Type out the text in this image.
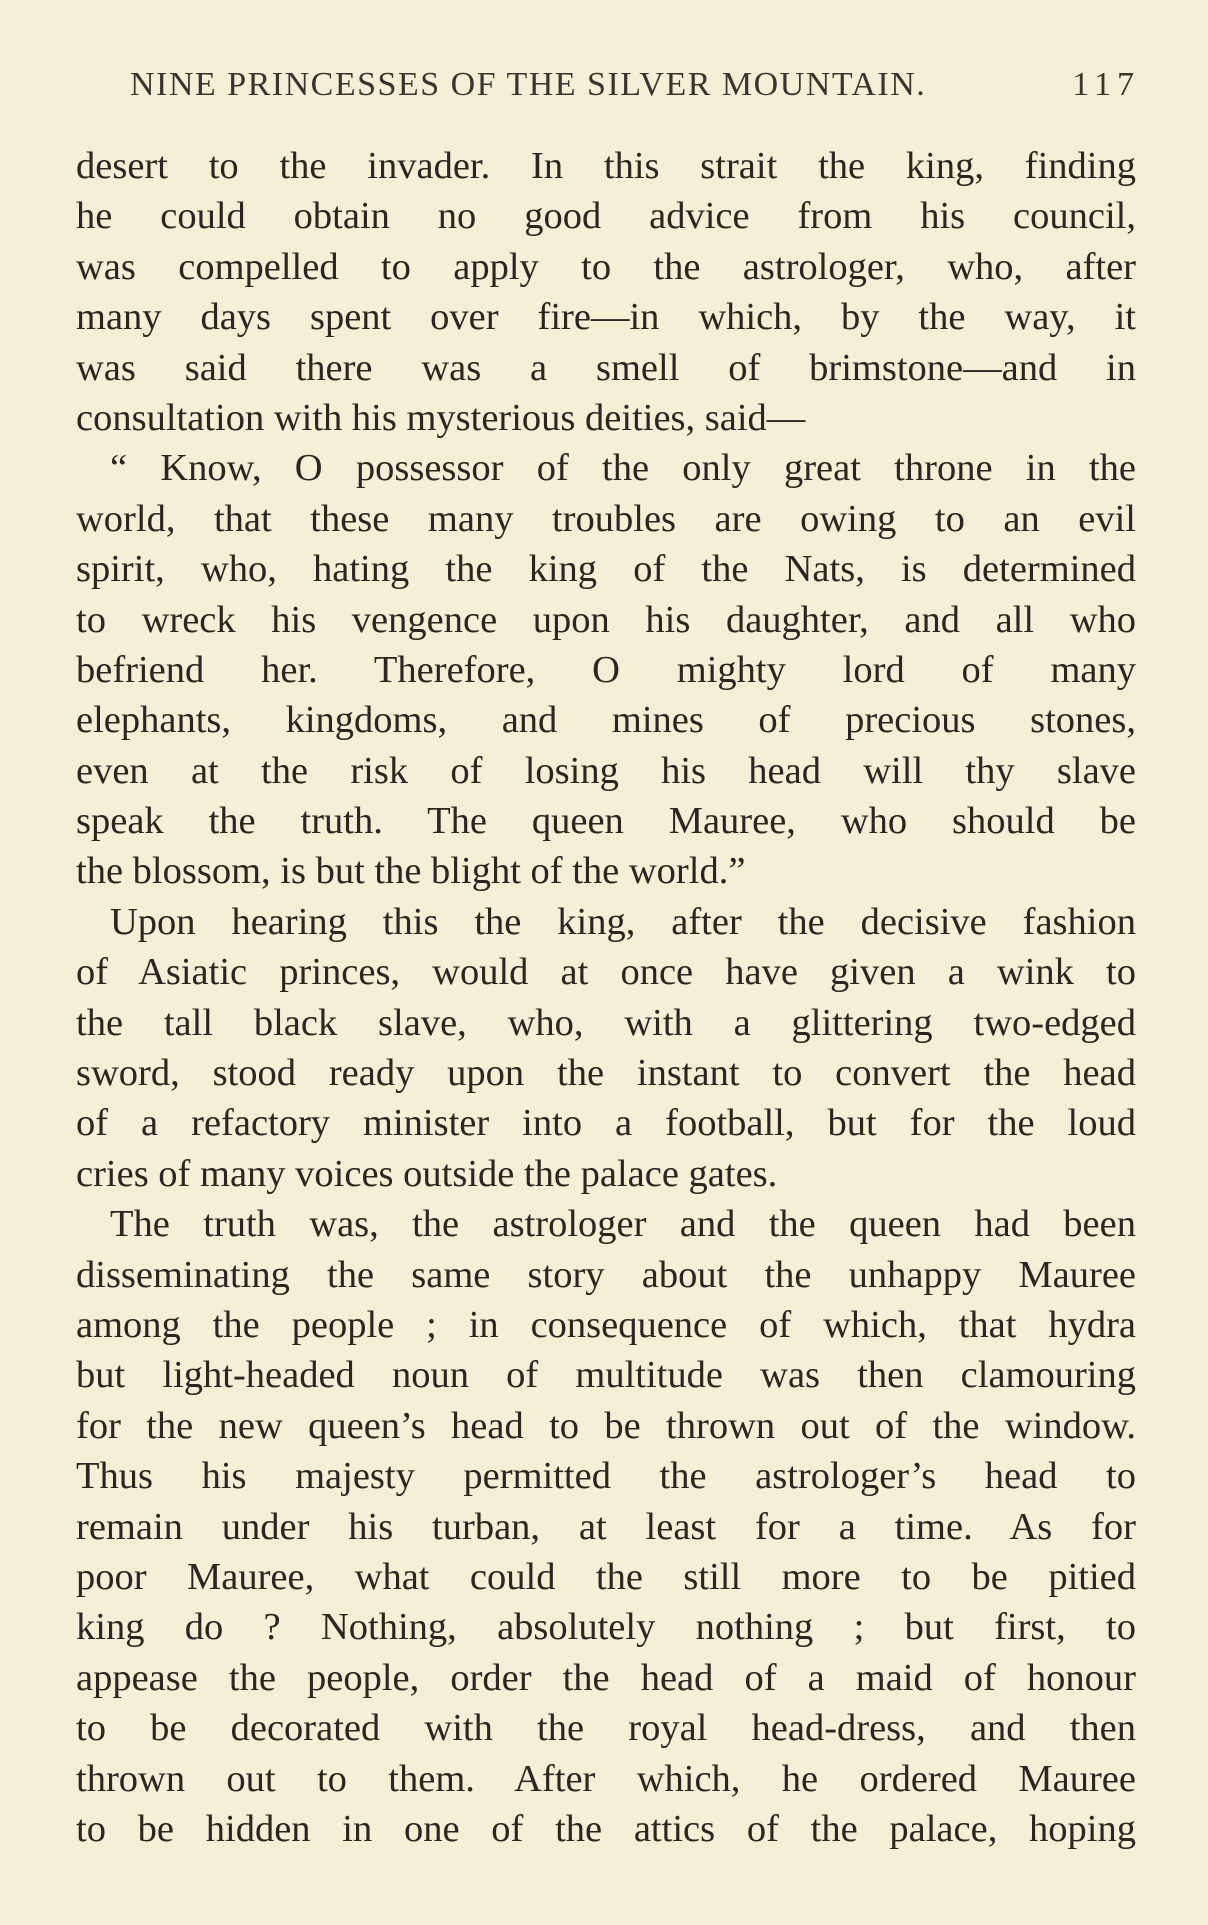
NINE PRINCESSES OF THE SILVER MOUNTAIN.	117
desert to the invader. In this strait the king, finding
he could obtain no good advice from his council,
was compelled to apply to the astrologer, who, after
many days spent over fire—in which, by the way, it
was said there was a smell of brimstone—and in
consultation with his mysterious deities, said—
“ Know, O possessor of the only great throne in the
world, that these many troubles are owing to an evil
spirit, who, hating the king of the Nats, is determined
to wreck his vengence upon his daughter, and all who
befriend her. Therefore, O mighty lord of many
elephants, kingdoms, and mines of precious stones,
even at the risk of losing his head will thy slave
speak the truth. The queen Mauree, who should be
the blossom, is but the blight of the world.”
Upon hearing this the king, after the decisive fashion
of Asiatic princes, would at once have given a wink to
the tall black slave, who, with a glittering two-edged
sword, stood ready upon the instant to convert the head
of a refactory minister into a football, but for the loud
cries of many voices outside the palace gates.
The truth was, the astrologer and the queen had been
disseminating the same story about the unhappy Mauree
among the people ; in consequence of which, that hydra
but light-headed noun of multitude was then clamouring
for the new queen’s head to be thrown out of the window.
Thus his majesty permitted the astrologer’s head to
remain under his turban, at least for a time. As for
poor Mauree, what could the still more to be pitied
king do ? Nothing, absolutely nothing ; but first, to
appease the people, order the head of a maid of honour
to be decorated with the royal head-dress, and then
thrown out to them. After which, he ordered Mauree
to be hidden in one of the attics of the palace, hoping
